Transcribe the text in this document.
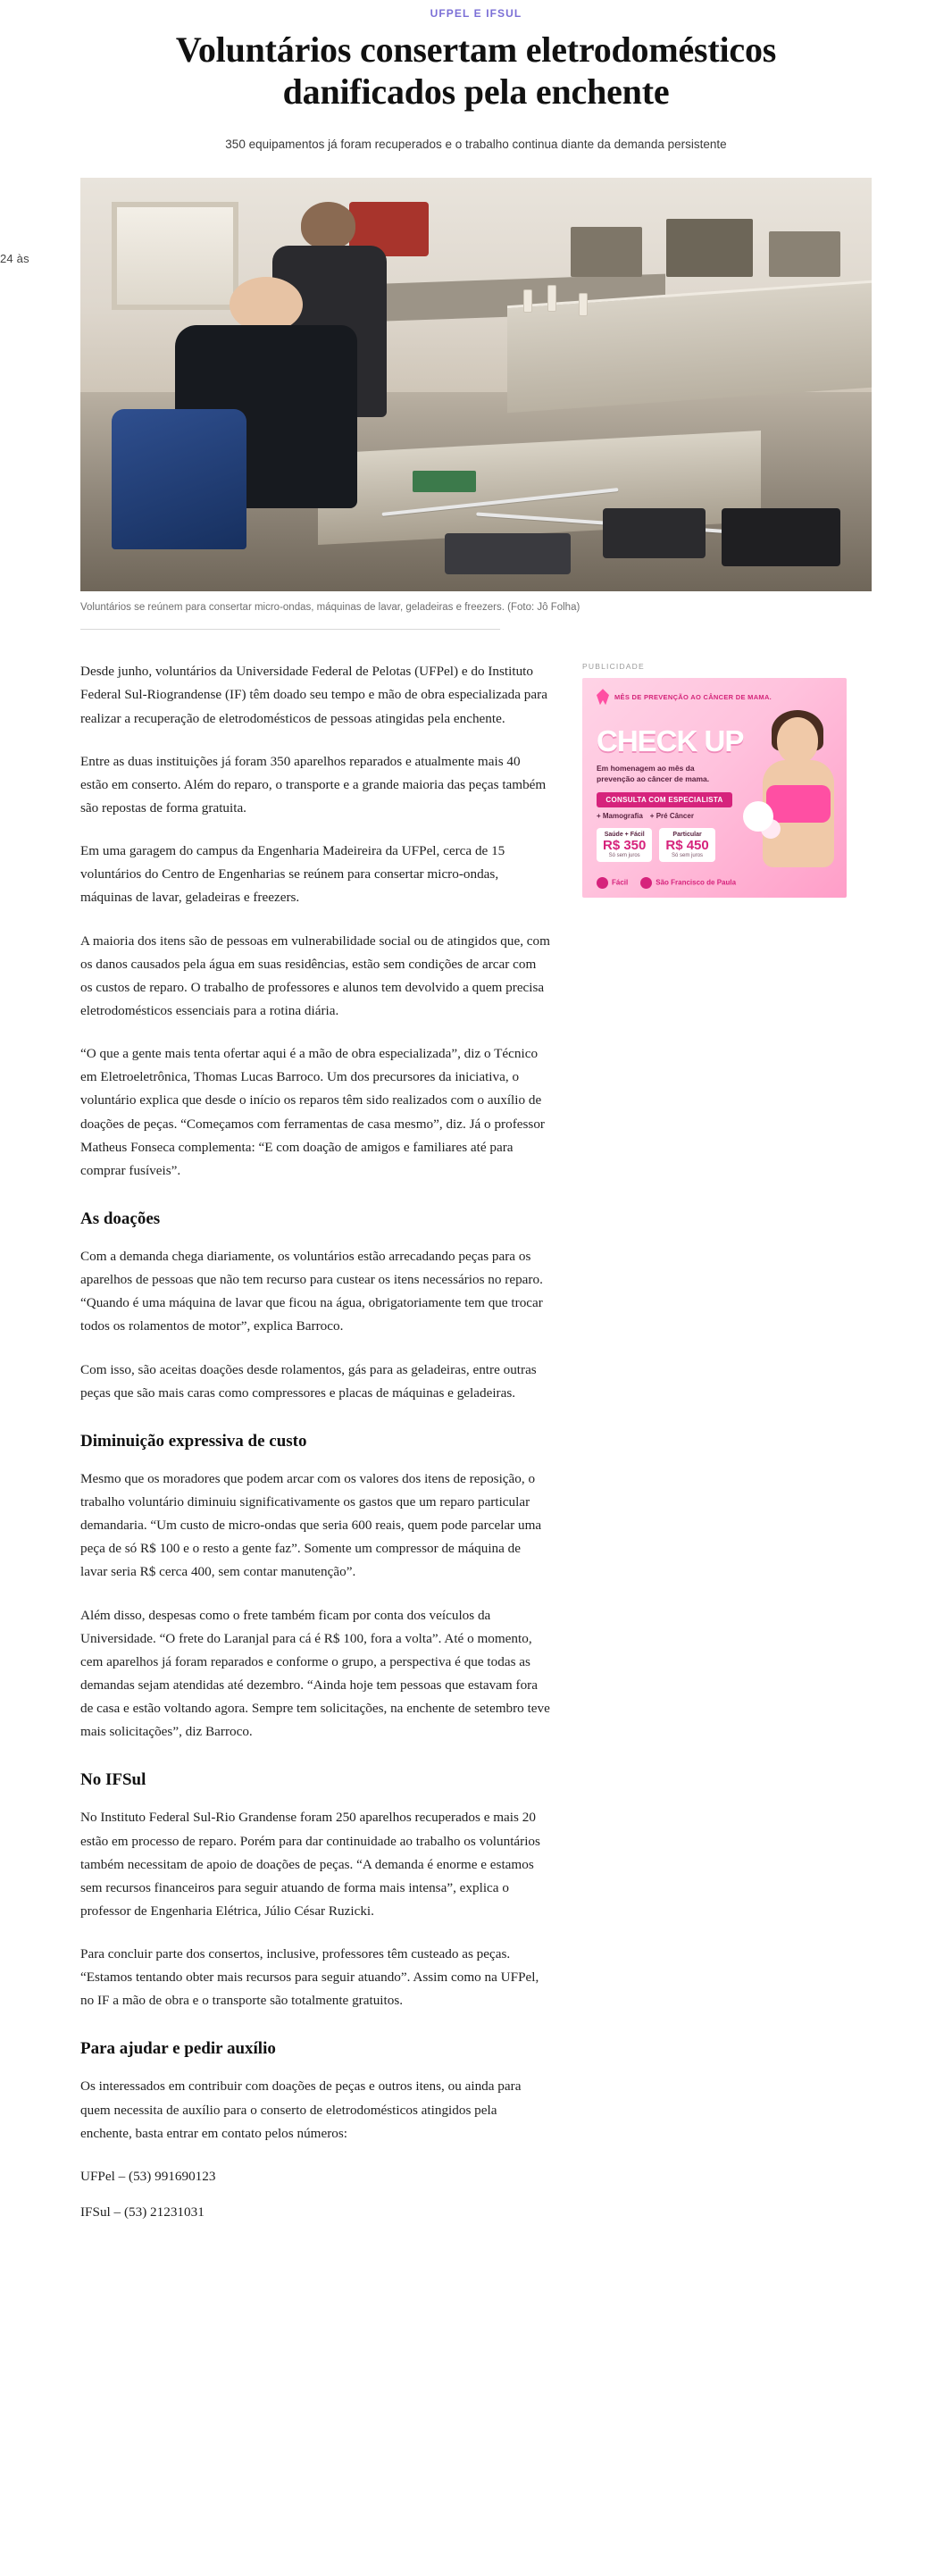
24 às
UFPEL E IFSUL
Voluntários consertam eletrodomésticos danificados pela enchente
350 equipamentos já foram recuperados e o trabalho continua diante da demanda persistente
Voluntários se reúnem para consertar micro-ondas, máquinas de lavar, geladeiras e freezers. (Foto: Jô Folha)

Desde junho, voluntários da Universidade Federal de Pelotas (UFPel) e do Instituto Federal Sul-Riograndense (IF) têm doado seu tempo e mão de obra especializada para realizar a recuperação de eletrodomésticos de pessoas atingidas pela enchente.

Entre as duas instituições já foram 350 aparelhos reparados e atualmente mais 40 estão em conserto. Além do reparo, o transporte e a grande maioria das peças também são repostas de forma gratuita.

Em uma garagem do campus da Engenharia Madeireira da UFPel, cerca de 15 voluntários do Centro de Engenharias se reúnem para consertar micro-ondas, máquinas de lavar, geladeiras e freezers.

PUBLICIDADE
MÊS DE PREVENÇÃO AO CÂNCER DE MAMA.
CHECK UP
Em homenagem ao mês da prevenção ao câncer de mama.
CONSULTA COM ESPECIALISTA
+ Mamografia + Pré Câncer
Saúde + Fácil
R$ 350
Só sem juros
Particular
R$ 450
Só sem juros
Fácil	São Francisco de Paula

A maioria dos itens são de pessoas em vulnerabilidade social ou de atingidos que, com os danos causados pela água em suas residências, estão sem condições de arcar com os custos de reparo. O trabalho de professores e alunos tem devolvido a quem precisa eletrodomésticos essenciais para a rotina diária.

“O que a gente mais tenta ofertar aqui é a mão de obra especializada”, diz o Técnico em Eletroeletrônica, Thomas Lucas Barroco. Um dos precursores da iniciativa, o voluntário explica que desde o início os reparos têm sido realizados com o auxílio de doações de peças. “Começamos com ferramentas de casa mesmo”, diz. Já o professor Matheus Fonseca complementa: “E com doação de amigos e familiares até para comprar fusíveis”.

As doações

Com a demanda chega diariamente, os voluntários estão arrecadando peças para os aparelhos de pessoas que não tem recurso para custear os itens necessários no reparo. “Quando é uma máquina de lavar que ficou na água, obrigatoriamente tem que trocar todos os rolamentos de motor”, explica Barroco.

Com isso, são aceitas doações desde rolamentos, gás para as geladeiras, entre outras peças que são mais caras como compressores e placas de máquinas e geladeiras.

Diminuição expressiva de custo

Mesmo que os moradores que podem arcar com os valores dos itens de reposição, o trabalho voluntário diminuiu significativamente os gastos que um reparo particular demandaria. “Um custo de micro-ondas que seria 600 reais, quem pode parcelar uma peça de só R$ 100 e o resto a gente faz”. Somente um compressor de máquina de lavar seria R$ cerca 400, sem contar manutenção”.

Além disso, despesas como o frete também ficam por conta dos veículos da Universidade. “O frete do Laranjal para cá é R$ 100, fora a volta”. Até o momento, cem aparelhos já foram reparados e conforme o grupo, a perspectiva é que todas as demandas sejam atendidas até dezembro. “Ainda hoje tem pessoas que estavam fora de casa e estão voltando agora. Sempre tem solicitações, na enchente de setembro teve mais solicitações”, diz Barroco.

No IFSul

No Instituto Federal Sul-Rio Grandense foram 250 aparelhos recuperados e mais 20 estão em processo de reparo. Porém para dar continuidade ao trabalho os voluntários também necessitam de apoio de doações de peças. “A demanda é enorme e estamos sem recursos financeiros para seguir atuando de forma mais intensa”, explica o professor de Engenharia Elétrica, Júlio César Ruzicki.

Para concluir parte dos consertos, inclusive, professores têm custeado as peças. “Estamos tentando obter mais recursos para seguir atuando”. Assim como na UFPel, no IF a mão de obra e o transporte são totalmente gratuitos.

Para ajudar e pedir auxílio

Os interessados em contribuir com doações de peças e outros itens, ou ainda para quem necessita de auxílio para o conserto de eletrodomésticos atingidos pela enchente, basta entrar em contato pelos números:

UFPel – (53) 991690123

IFSul – (53) 21231031
